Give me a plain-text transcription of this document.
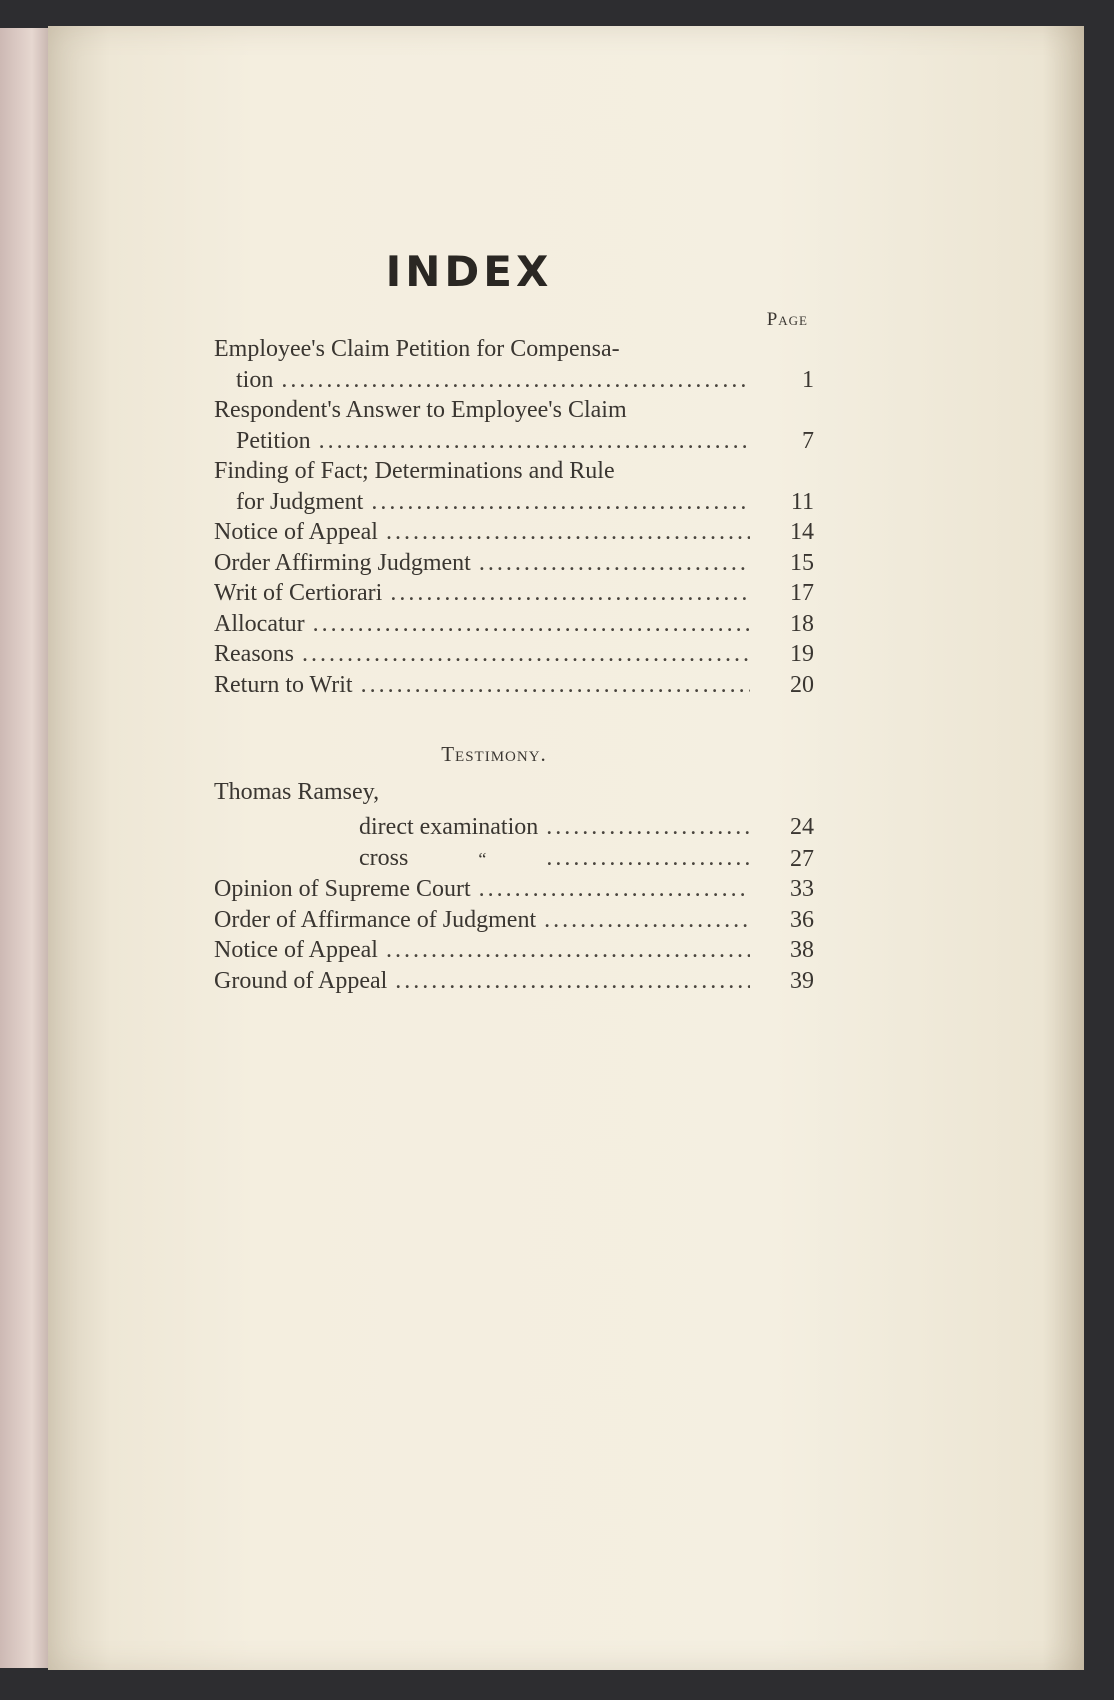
INDEX
Page
Employee's Claim Petition for Compensa-
tion .....	1
Respondent's Answer to Employee's Claim
Petition .....	7
Finding of Fact; Determinations and Rule
for Judgment .....	11
Notice of Appeal .....	14
Order Affirming Judgment .....	15
Writ of Certiorari .....	17
Allocatur .....	18
Reasons .....	19
Return to Writ .....	20
Testimony.
Thomas Ramsey,
direct examination .....	24
cross	“ .....	27
Opinion of Supreme Court .....	33
Order of Affirmance of Judgment .....	36
Notice of Appeal .....	38
Ground of Appeal .....	39
